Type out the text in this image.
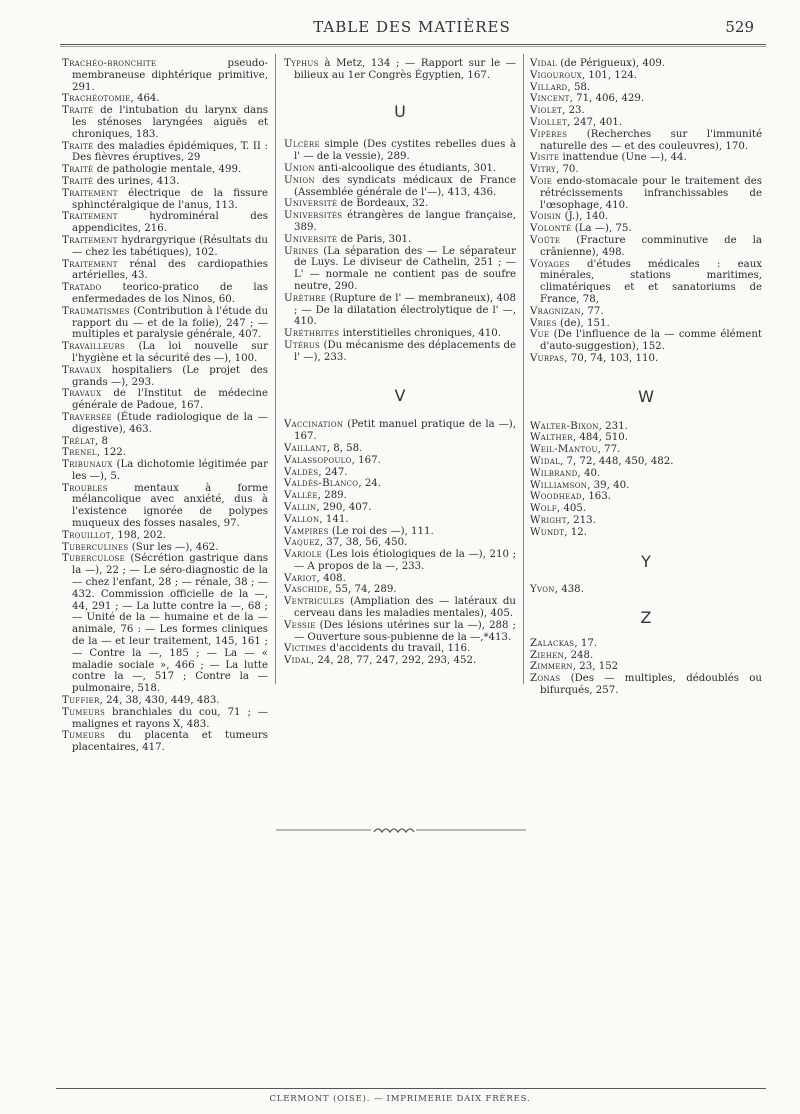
TABLE DES MATIÈRES	529
Trachéo-bronchite pseudo-membraneuse diphtérique primitive, 291.
Trachéotomie, 464.
Traité de l'intubation du larynx dans les sténoses laryngées aiguës et chroniques, 183.
Traité des maladies épidémiques, T. II : Des fièvres éruptives, 29
Traité de pathologie mentale, 499.
Traité des urines, 413.
Traitement électrique de la fissure sphinctéralgique de l'anus, 113.
Traitement hydrominéral des appendicites, 216.
Traitement hydrargyrique (Résultats du — chez les tabétiques), 102.
Traitement rénal des cardiopathies artérielles, 43.
Tratado teorico-pratico de las enfermedades de los Ninos, 60.
Traumatismes (Contribution à l'étude du rapport du — et de la folie), 247 ; — multiples et paralysie générale, 407.
Travailleurs (La loi nouvelle sur l'hygiène et la sécurité des —), 100.
Travaux hospitaliers (Le projet des grands —), 293.
Travaux de l'Institut de médecine générale de Padoue, 167.
Traversée (Étude radiologique de la — digestive), 463.
Trélat, 8
Trenel, 122.
Tribunaux (La dichotomie légitimée par les —), 5.
Troubles mentaux à forme mélancolique avec anxiété, dus à l'existence ignorée de polypes muqueux des fosses nasales, 97.
Trouillot, 198, 202.
Tuberculines (Sur les —), 462.
Tuberculose (Sécrétion gastrique dans la —), 22 ; — Le séro-diagnostic de la — chez l'enfant, 28 ; — rénale, 38 ; — 432. Commission officielle de la —, 44, 291 ; — La lutte contre la —, 68 ; — Unité de la — humaine et de la — animale, 76 : — Les formes cliniques de la — et leur traitement, 145, 161 ; — Contre la —, 185 ; — La — « maladie sociale », 466 ; — La lutte contre la —, 517 ; Contre la — pulmonaire, 518.
Tuffier, 24, 38, 430, 449, 483.
Tumeurs branchiales du cou, 71 ; — malignes et rayons X, 483.
Tumeurs du placenta et tumeurs placentaires, 417.
Typhus à Metz, 134 ; — Rapport sur le — bilieux au 1er Congrès Égyptien, 167.
U
Ulcère simple (Des cystites rebelles dues à l' — de la vessie), 289.
Union anti-alcoolique des étudiants, 301.
Union des syndicats médicaux de France (Assemblée générale de l'—), 413, 436.
Université de Bordeaux, 32.
Universités étrangères de langue française, 389.
Université de Paris, 301.
Urines (La séparation des — Le séparateur de Luys. Le diviseur de Cathelin, 251 ; — L' — normale ne contient pas de soufre neutre, 290.
Urèthre (Rupture de l' — membraneux), 408 ; — De la dilatation électrolytique de l' —, 410.
Uréthrites interstitielles chroniques, 410.
Utérus (Du mécanisme des déplacements de l' —), 233.
V
Vaccination (Petit manuel pratique de la —), 167.
Vaillant, 8, 58.
Valassopoulo, 167.
Valdès, 247.
Valdès-Blanco, 24.
Vallée, 289.
Vallin, 290, 407.
Vallon, 141.
Vampires (Le roi des —), 111.
Vaquez, 37, 38, 56, 450.
Variole (Les lois étiologiques de la —), 210 ; — A propos de la —, 233.
Variot, 408.
Vaschide, 55, 74, 289.
Ventricules (Ampliation des — latéraux du cerveau dans les maladies mentales), 405.
Vessie (Des lésions utérines sur la —), 288 ; — Ouverture sous-pubienne de la —,*413.
Victimes d'accidents du travail, 116.
Vidal, 24, 28, 77, 247, 292, 293, 452.
Vidal (de Périgueux), 409.
Vigouroux, 101, 124.
Villard, 58.
Vincent, 71, 406, 429.
Violet, 23.
Viollet, 247, 401.
Vipères (Recherches sur l'immunité naturelle des — et des couleuvres), 170.
Visite inattendue (Une —), 44.
Vitry, 70.
Voie endo-stomacale pour le traitement des rétrécissements infranchissables de l'œsophage, 410.
Voisin (J.), 140.
Volonté (La —), 75.
Voûte (Fracture comminutive de la crânienne), 498.
Voyages d'études médicales : eaux minérales, stations maritimes, climatériques et et sanatoriums de France, 78,
Vragnizan, 77.
Vries (de), 151.
Vue (De l'influence de la — comme élément d'auto-suggestion), 152.
Vurpas, 70, 74, 103, 110.
W
Walter-Bixon, 231.
Walther, 484, 510.
Weil-Mantou, 77.
Widal, 7, 72, 448, 450, 482.
Wilbrand, 40.
Williamson, 39, 40.
Woodhead, 163.
Wolf, 405.
Wright, 213.
Wundt, 12.
Y
Yvon, 438.
Z
Zalackas, 17.
Ziehen, 248.
Zimmern, 23, 152
Zonas (Des — multiples, dédoublés ou bifurqués, 257.
CLERMONT (OISE). — IMPRIMERIE DAIX FRÈRES.
